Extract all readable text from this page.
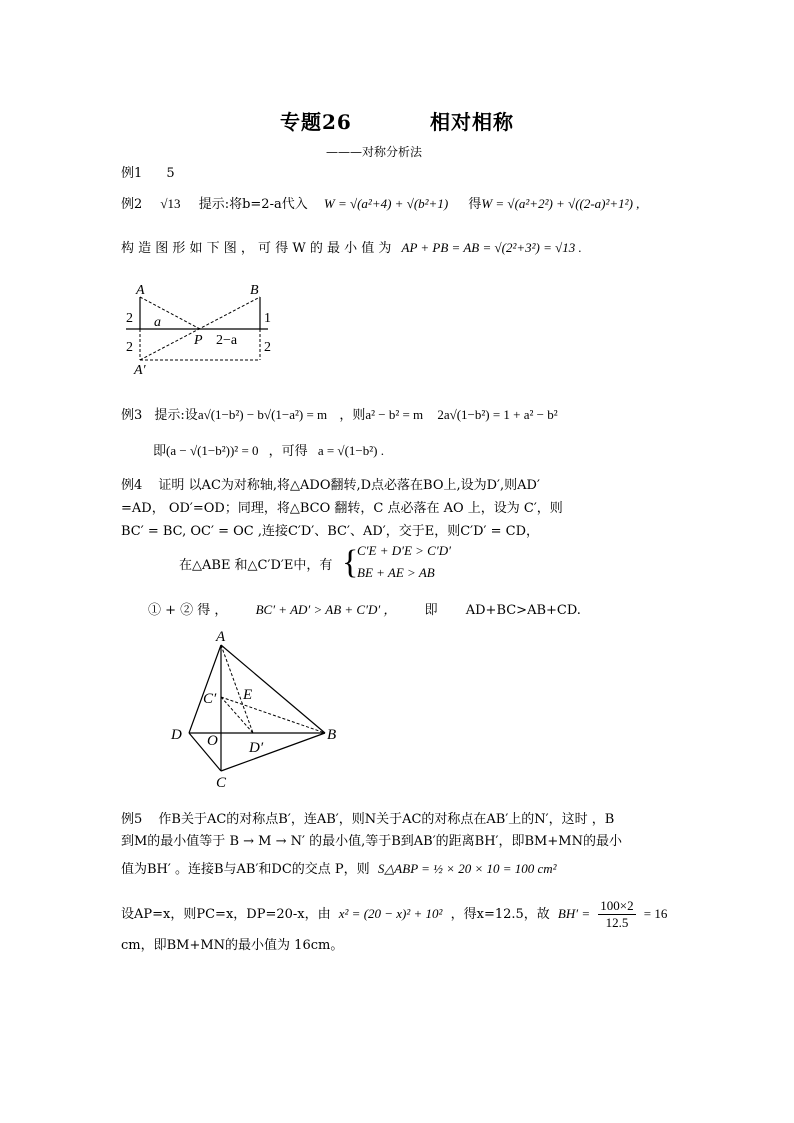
专题26	相对相称
———对称分析法
例1 5
例2 √13 提示:将b=2-a代入 W = √(a²+4) + √(b²+1) 得W = √(a²+2²) + √((2-a)²+1²) ,
构 造 图 形 如 下 图 ， 可 得 W 的 最 小 值 为 AP + PB = AB = √(2²+3²) = √13 .
A	B
P
A′
2
2
1
2
a
2−a
例3 提示:设a√(1−b²) − b√(1−a²) = m ，则a² − b² = m 2a√(1−b²) = 1 + a² − b²
即(a − √(1−b²))² = 0 ，可得 a = √(1−b²) .
例4 证明 以AC为对称轴,将△ADO翻转,D点必落在BO上,设为D′,则AD′
=AD， OD′=OD；同理，将△BCO 翻转，C 点必落在 AO 上，设为 C′，则
BC′ = BC, OC′ = OC ,连接C′D′、BC′、AD′，交于E，则C′D′ = CD，
在△ABE 和△C′D′E中，有 {
C′E + D′E > C′D′
BE + AE > AB
① + ② 得 ， BC′ + AD′ > AB + C′D′ ， 即 AD+BC>AB+CD.
A
B
C
D
E
O
C′
D′
例5 作B关于AC的对称点B′，连AB′，则N关于AC的对称点在AB′上的N′，这时 ，B
到M的最小值等于 B → M → N′ 的最小值,等于B到AB′的距离BH′，即BM+MN的最小
值为BH′ 。连接B与AB′和DC的交点 P，则 S△ABP = ½ × 20 × 10 = 100 cm²
设AP=x，则PC=x，DP=20-x，由 x² = (20 − x)² + 10² ，得x=12.5，故 $BH' = \frac{100\times 2}{12.5} = 16$
cm，即BM+MN的最小值为 16cm。
